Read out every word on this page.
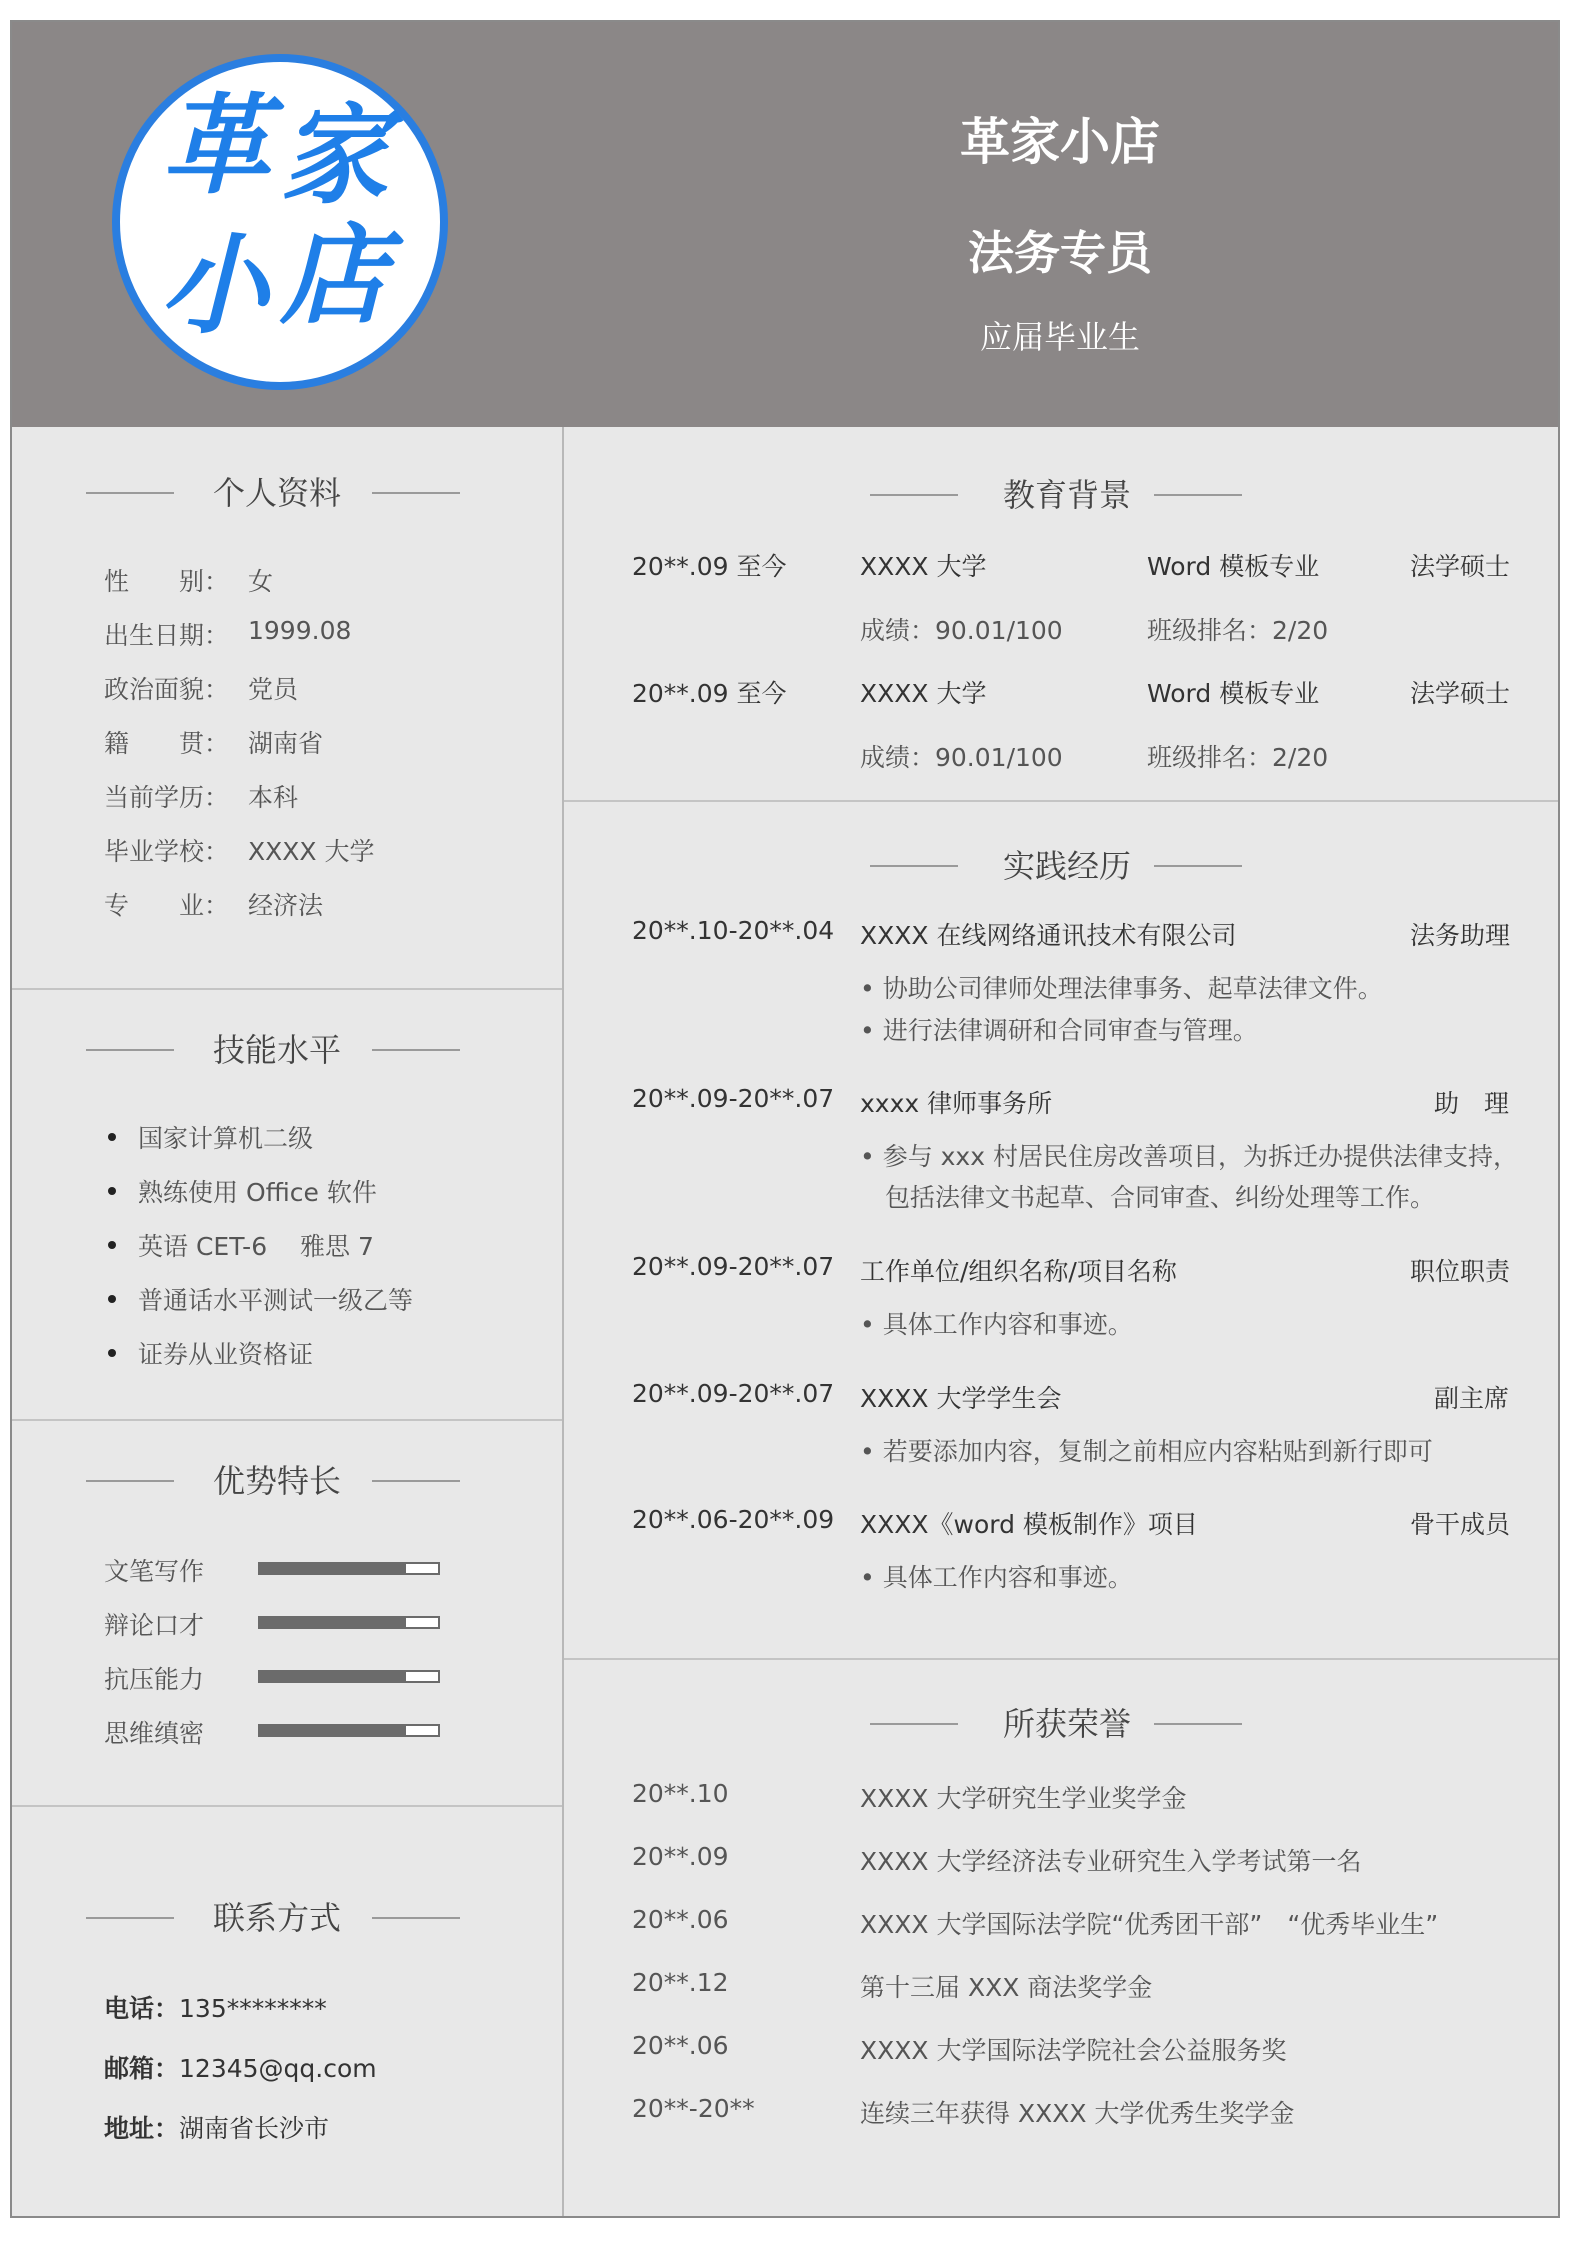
革 家
小 店
革家小店
法务专员
应届毕业生
个人资料
性　　别： 女
出生日期： 1999.08
政治面貌： 党员
籍　　贯： 湖南省
当前学历： 本科
毕业学校： XXXX 大学
专　　业： 经济法
技能水平
国家计算机二级
熟练使用 Office 软件
英语 CET-6　 雅思 7
普通话水平测试一级乙等
证券从业资格证
优势特长
文笔写作
辩论口才
抗压能力
思维缜密
联系方式
电话：135********
邮箱：12345@qq.com
地址：湖南省长沙市
教育背景
20**.09 至今	XXXX 大学	Word 模板专业	法学硕士
成绩：90.01/100	班级排名：2/20
20**.09 至今	XXXX 大学	Word 模板专业	法学硕士
成绩：90.01/100	班级排名：2/20
实践经历
20**.10-20**.04 XXXX 在线网络通讯技术有限公司	法务助理
• 协助公司律师处理法律事务、起草法律文件。
• 进行法律调研和合同审查与管理。
20**.09-20**.07 xxxx 律师事务所	助　理
• 参与 xxx 村居民住房改善项目，为拆迁办提供法律支持，
　包括法律文书起草、合同审查、纠纷处理等工作。
20**.09-20**.07 工作单位/组织名称/项目名称	职位职责
• 具体工作内容和事迹。
20**.09-20**.07 XXXX 大学学生会	副主席
• 若要添加内容，复制之前相应内容粘贴到新行即可
20**.06-20**.09 XXXX《word 模板制作》项目	骨干成员
• 具体工作内容和事迹。
所获荣誉
20**.10	XXXX 大学研究生学业奖学金
20**.09	XXXX 大学经济法专业研究生入学考试第一名
20**.06	XXXX 大学国际法学院“优秀团干部”　“优秀毕业生”
20**.12	第十三届 XXX 商法奖学金
20**.06	XXXX 大学国际法学院社会公益服务奖
20**-20**	连续三年获得 XXXX 大学优秀生奖学金
